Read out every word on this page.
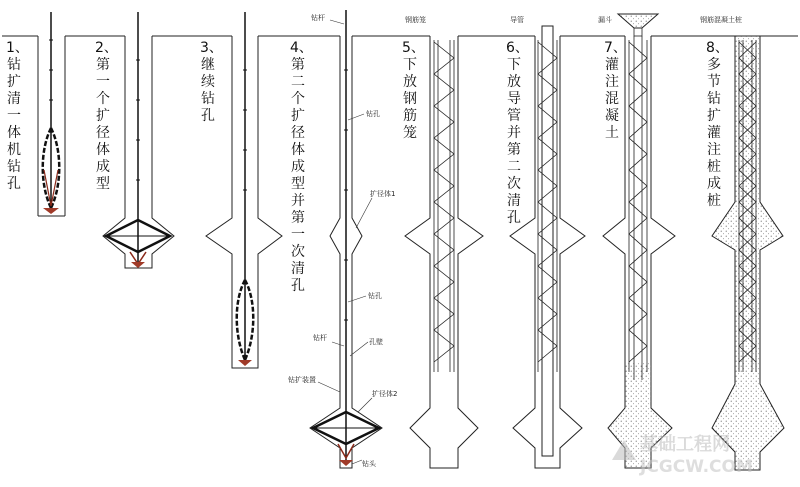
钻杆
钻孔
扩径体1
钻孔
钻杆	孔壁
钻扩装置
扩径体2
钻头
钢筋笼	导管	漏斗	钢筋混凝土桩
基础工程网
JCGCW.COM
1、钻扩清一体机钻孔
2、第一个扩径体成型
3、继续钻孔
4、第二个扩径体成型并第一次清孔
5、下放钢筋笼
6、下放导管并第二次清孔
7、灌注混凝土
8、多节钻扩灌注桩成桩
